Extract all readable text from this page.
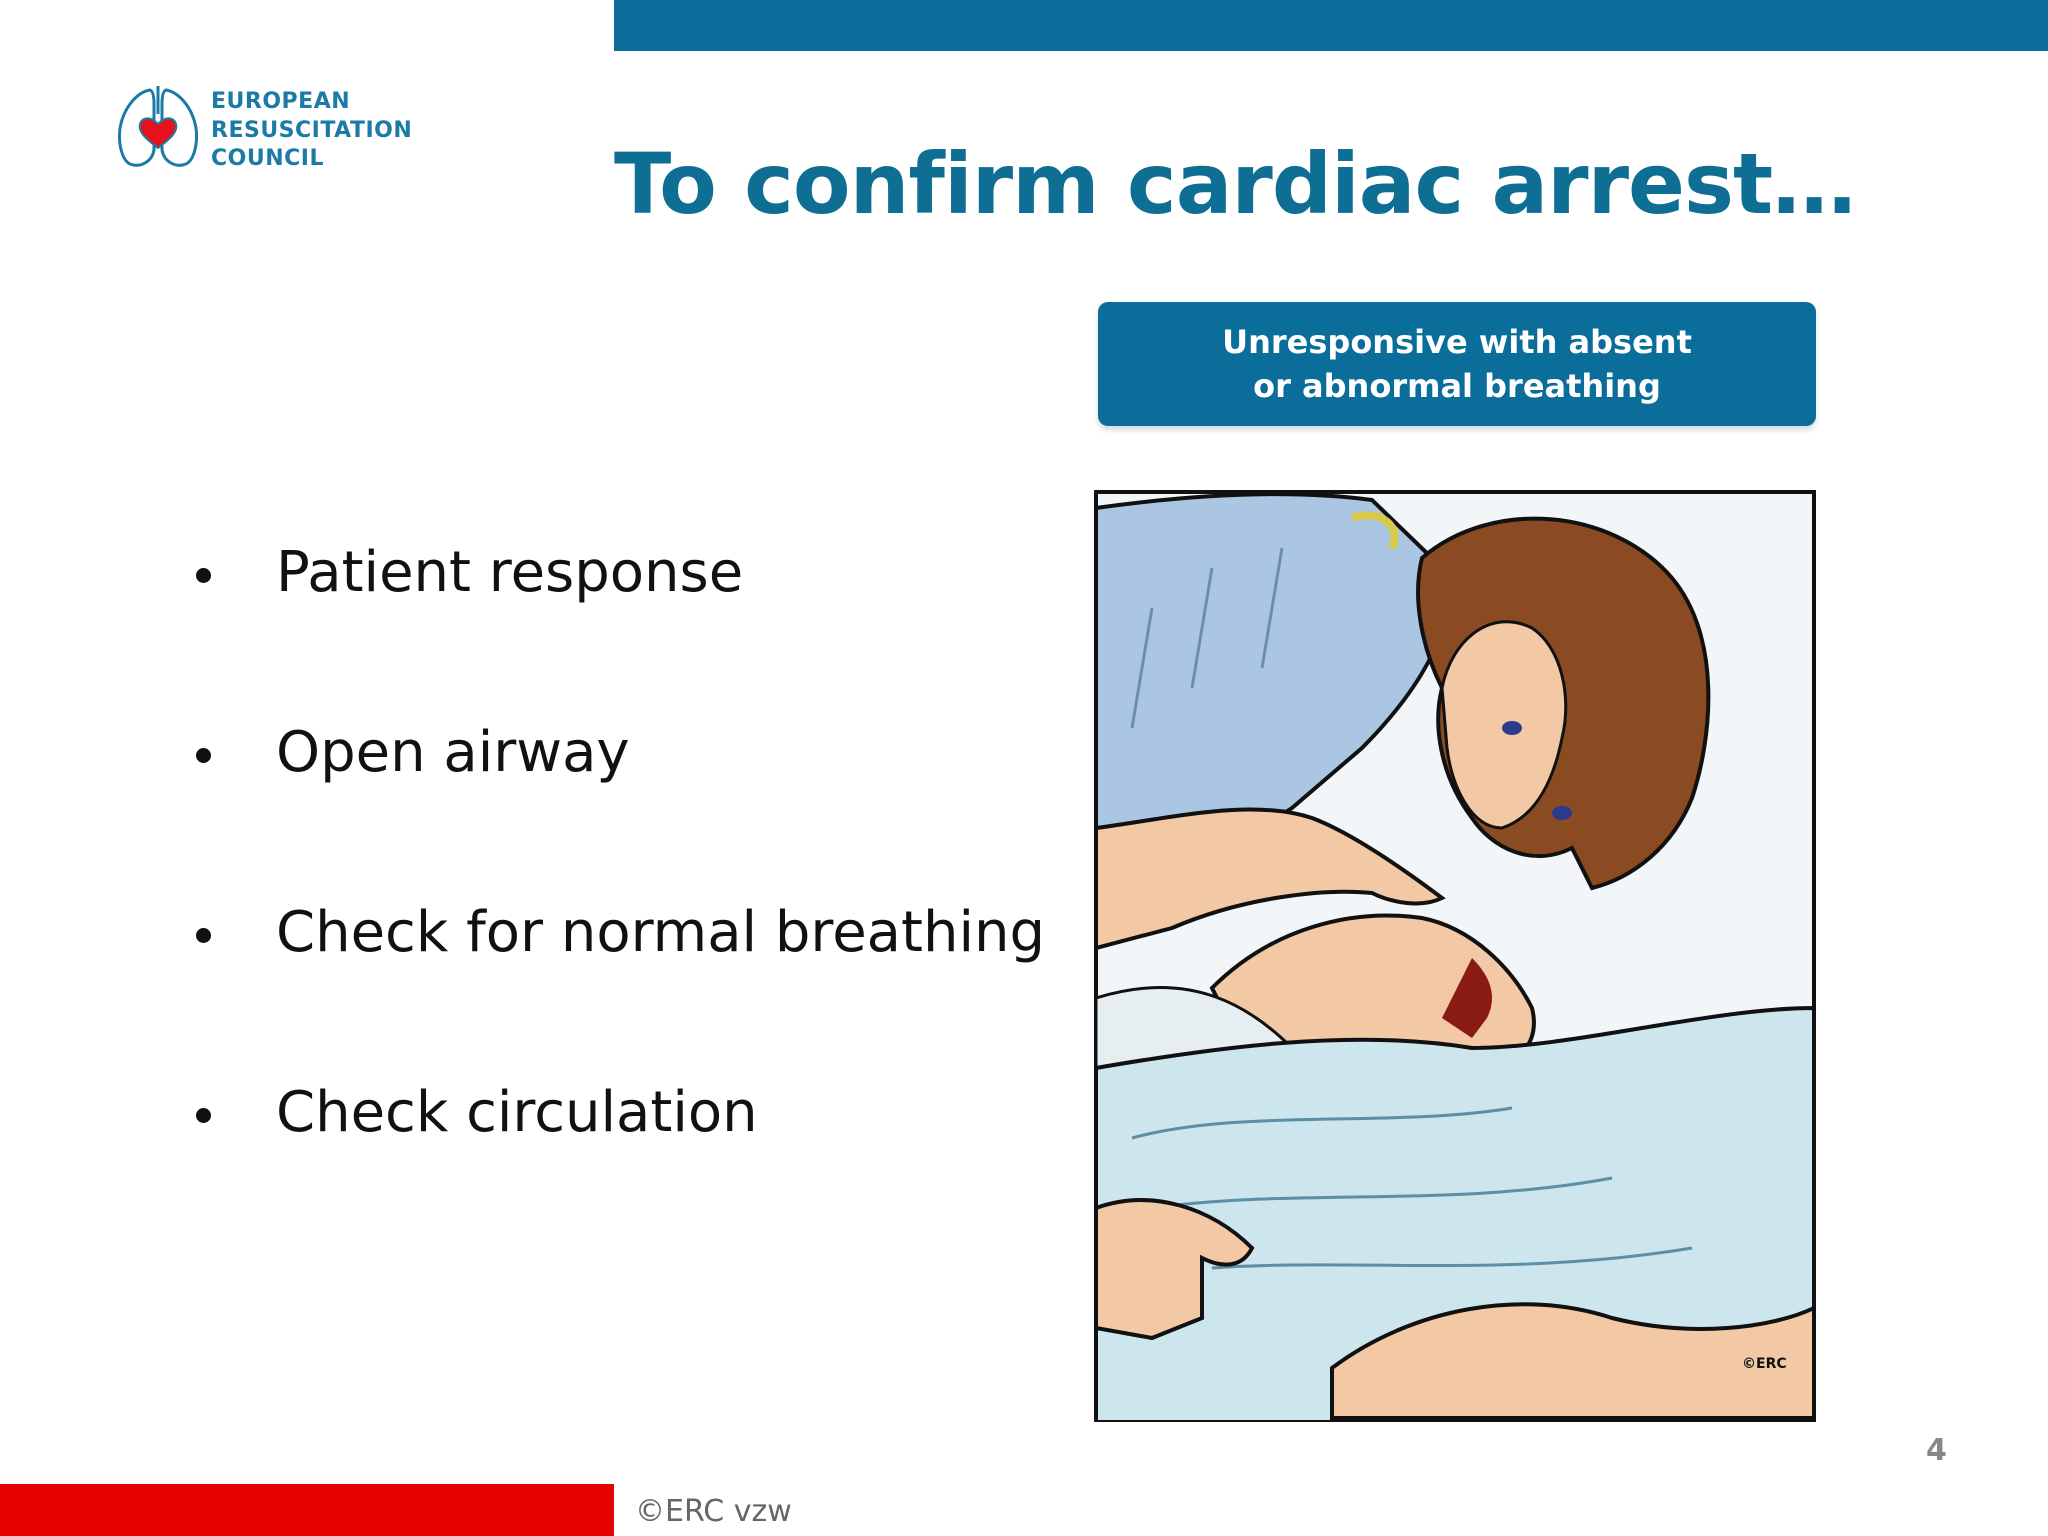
EUROPEAN
RESUSCITATION
COUNCIL	To confirm cardiac arrest…
Patient response
Open airway
Check for normal breathing
Check circulation
Unresponsive with absent
or abnormal breathing
©ERC
4
©ERC vzw
